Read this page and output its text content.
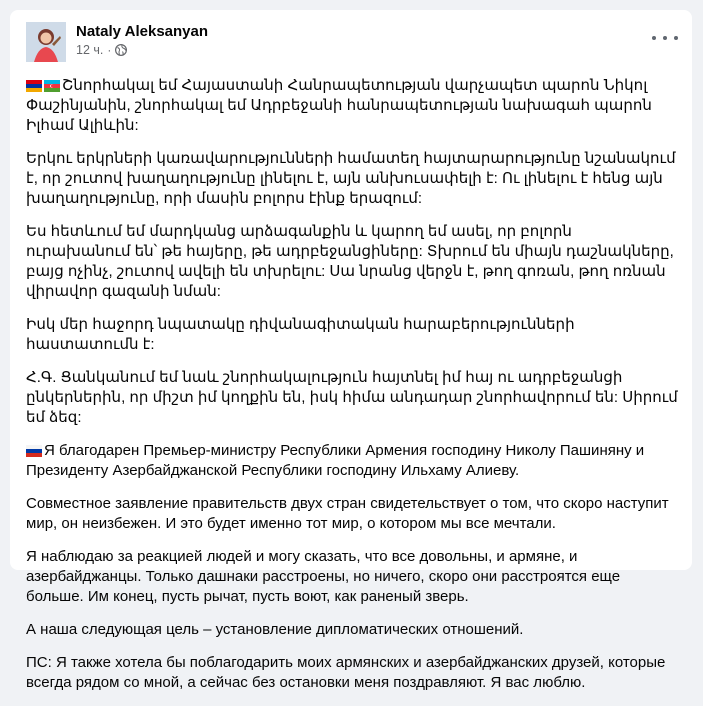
Nataly Aleksanyan
12 ч. ·

Շնորհակալ եմ Հայաստանի Հանրապետության վարչապետ պարոն Նիկոլ Փաշինյանին, շնորհակալ եմ Ադրբեջանի հանրապետության նախագահ պարոն Իլհամ Ալիևին:

Երկու երկրների կառավարությունների համատեղ հայտարարությունը նշանակում է, որ շուտով խաղաղությունը լինելու է, այն անխուսափելի է: Ու լինելու է հենց այն խաղաղությունը, որի մասին բոլորս էինք երազում:

Ես հետևում եմ մարդկանց արձագանքին և կարող եմ ասել, որ բոլորն ուրախանում են՝ թե հայերը, թե ադրբեջանցիները: Տխրում են միայն դաշնակները, բայց ոչինչ, շուտով ավելի են տխրելու: Սա նրանց վերջն է, թող գոռան, թող ոռնան վիրավոր գազանի նման:

Իսկ մեր հաջորդ նպատակը դիվանագիտական հարաբերությունների հաստատումն է:

Հ.Գ. Ցանկանում եմ նաև շնորհակալություն հայտնել իմ հայ ու ադրբեջանցի ընկերներին, որ միշտ իմ կողքին են, իսկ հիմա անդադար շնորհավորում են: Սիրում եմ ձեզ:

Я благодарен Премьер-министру Республики Армения господину Николу Пашиняну и Президенту Азербайджанской Республики господину Ильхаму Алиеву.

Совместное заявление правительств двух стран свидетельствует о том, что скоро наступит мир, он неизбежен. И это будет именно тот мир, о котором мы все мечтали.

Я наблюдаю за реакцией людей и могу сказать, что все довольны, и армяне, и азербайджанцы. Только дашнаки расстроены, но ничего, скоро они расстроятся еще больше. Им конец, пусть рычат, пусть воют, как раненый зверь.

А наша следующая цель – установление дипломатических отношений.

ПС: Я также хотела бы поблагодарить моих армянских и азербайджанских друзей, которые всегда рядом со мной, а сейчас без остановки меня поздравляют. Я вас люблю.
